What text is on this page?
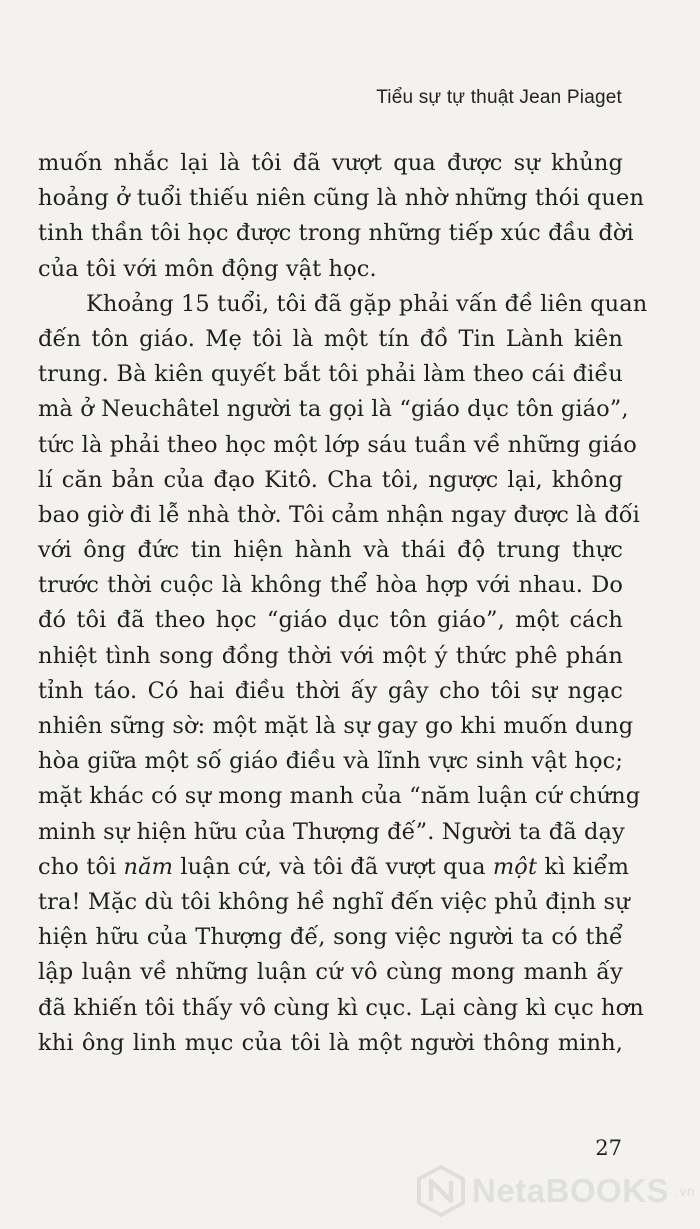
Tiểu sự tự thuật Jean Piaget
muốn nhắc lại là tôi đã vượt qua được sự khủng
hoảng ở tuổi thiếu niên cũng là nhờ những thói quen
tinh thần tôi học được trong những tiếp xúc đầu đời
của tôi với môn động vật học.
Khoảng 15 tuổi, tôi đã gặp phải vấn đề liên quan
đến tôn giáo. Mẹ tôi là một tín đồ Tin Lành kiên
trung. Bà kiên quyết bắt tôi phải làm theo cái điều
mà ở Neuchâtel người ta gọi là “giáo dục tôn giáo”,
tức là phải theo học một lớp sáu tuần về những giáo
lí căn bản của đạo Kitô. Cha tôi, ngược lại, không
bao giờ đi lễ nhà thờ. Tôi cảm nhận ngay được là đối
với ông đức tin hiện hành và thái độ trung thực
trước thời cuộc là không thể hòa hợp với nhau. Do
đó tôi đã theo học “giáo dục tôn giáo”, một cách
nhiệt tình song đồng thời với một ý thức phê phán
tỉnh táo. Có hai điều thời ấy gây cho tôi sự ngạc
nhiên sững sờ: một mặt là sự gay go khi muốn dung
hòa giữa một số giáo điều và lĩnh vực sinh vật học;
mặt khác có sự mong manh của “năm luận cứ chứng
minh sự hiện hữu của Thượng đế”. Người ta đã dạy
cho tôi năm luận cứ, và tôi đã vượt qua một kì kiểm
tra! Mặc dù tôi không hề nghĩ đến việc phủ định sự
hiện hữu của Thượng đế, song việc người ta có thể
lập luận về những luận cứ vô cùng mong manh ấy
đã khiến tôi thấy vô cùng kì cục. Lại càng kì cục hơn
khi ông linh mục của tôi là một người thông minh,
27
NetaBOOKS .vn
